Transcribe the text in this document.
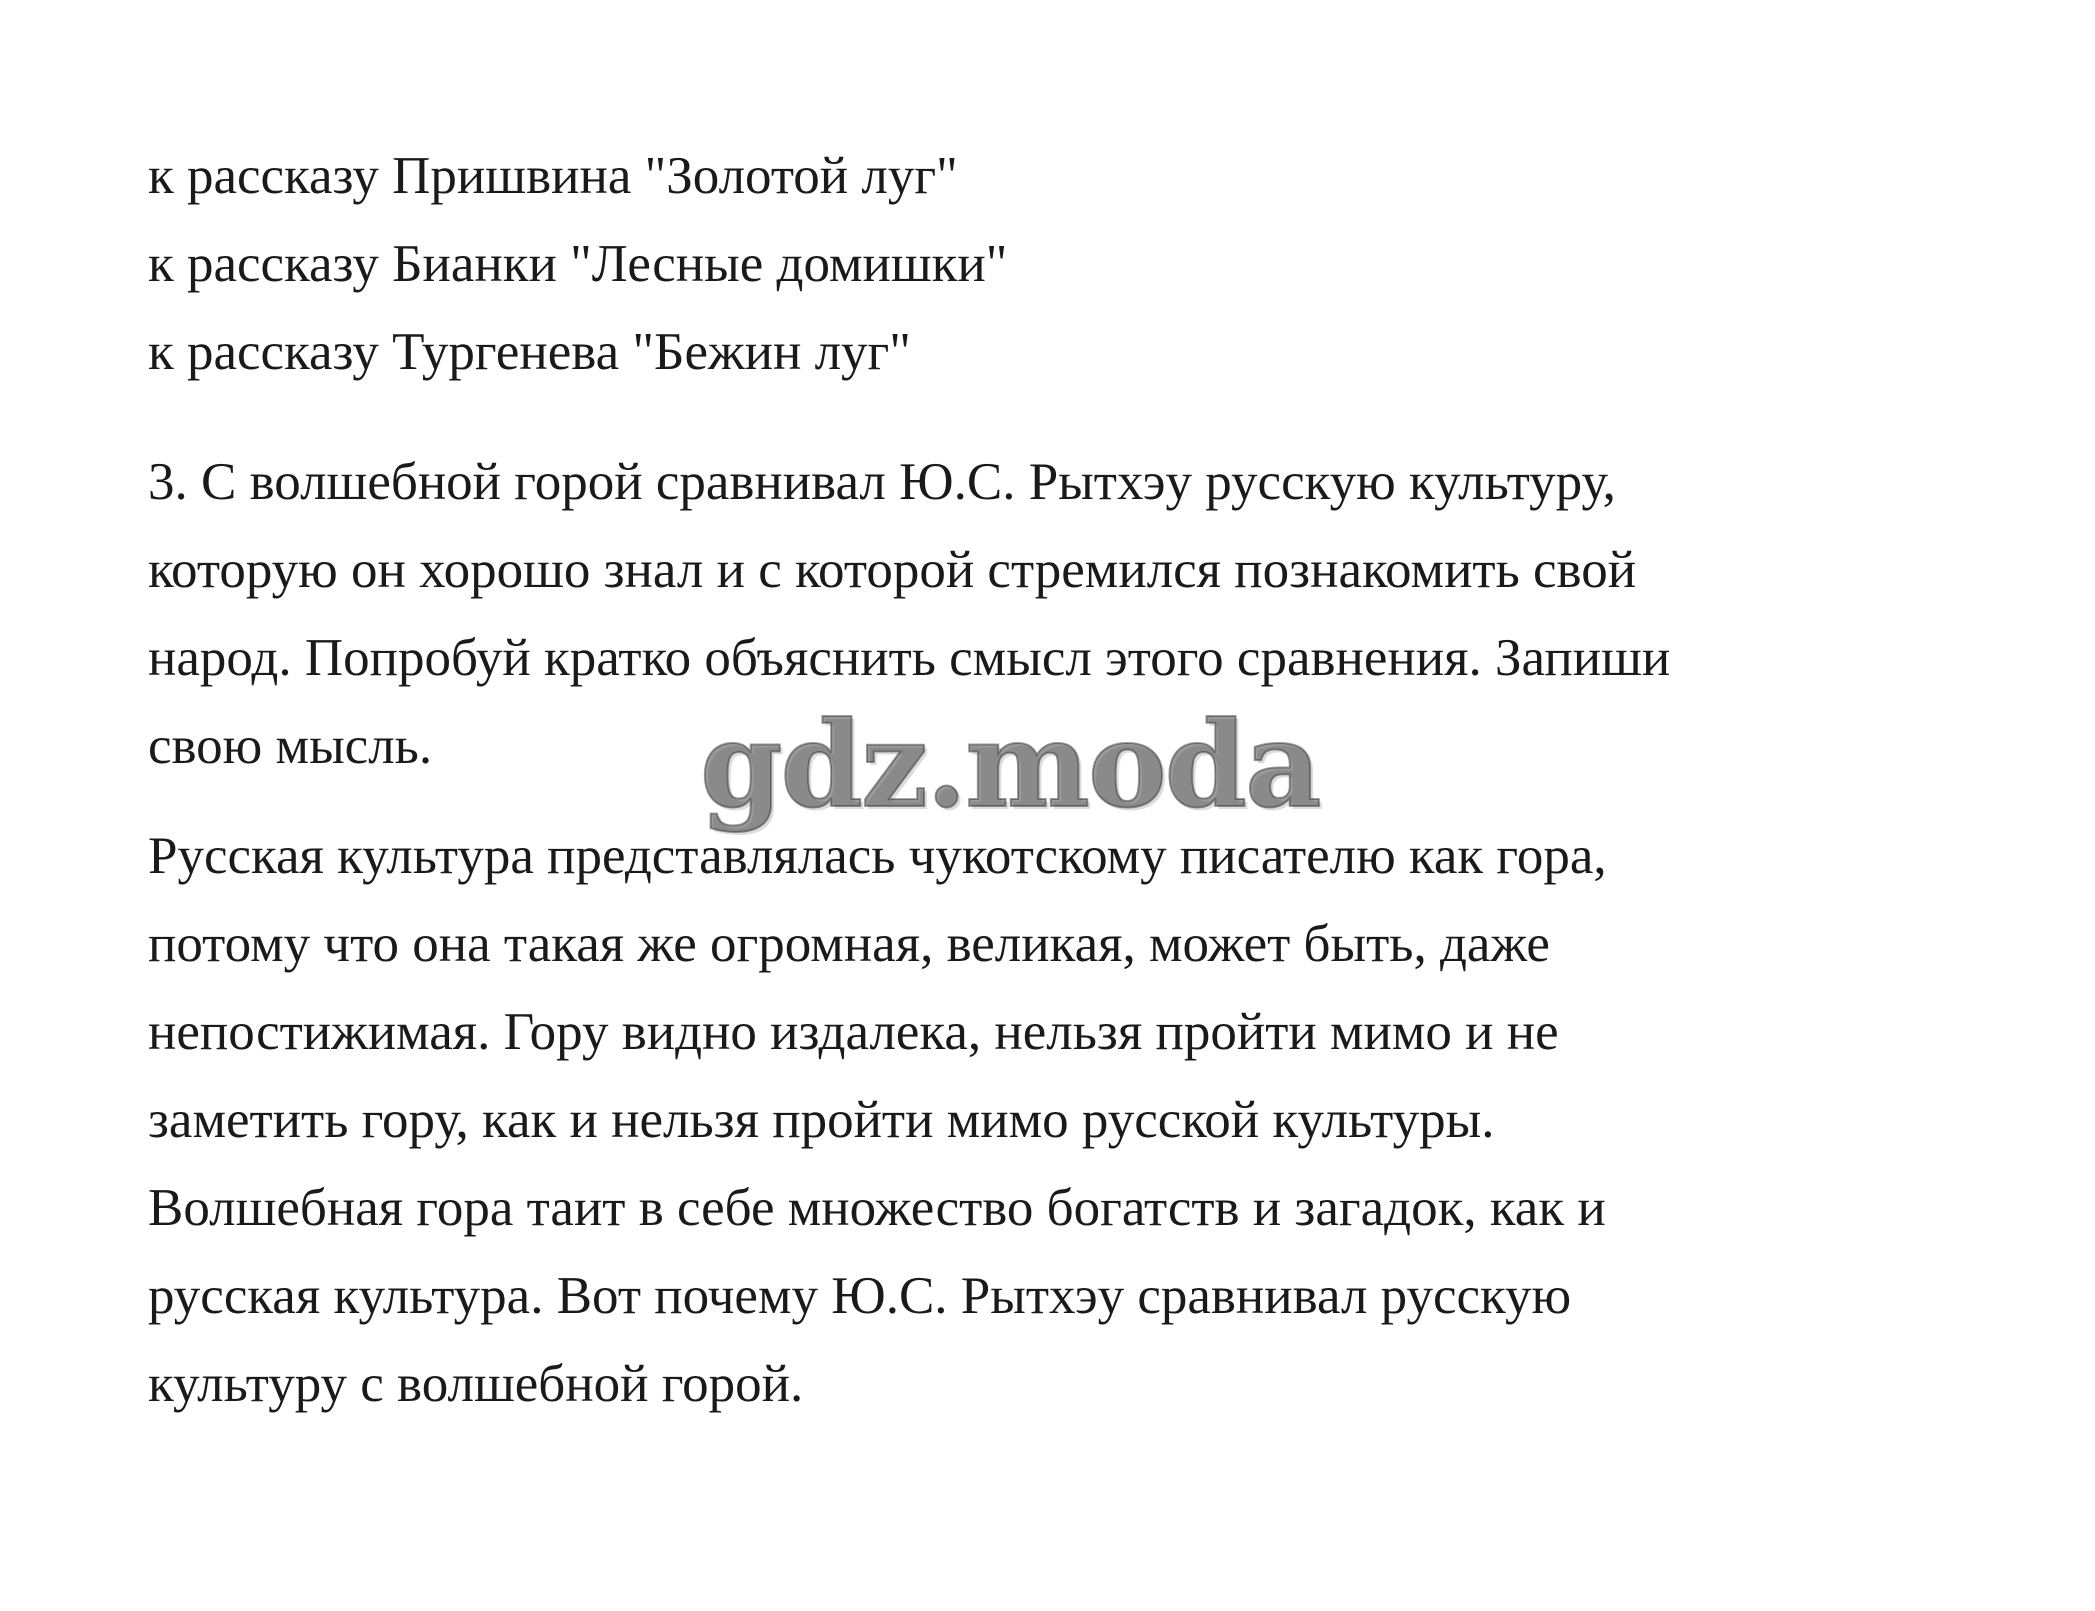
к рассказу Пришвина "Золотой луг"
к рассказу Бианки "Лесные домишки"
к рассказу Тургенева "Бежин луг"
3. С волшебной горой сравнивал Ю.С. Рытхэу русскую культуру,
которую он хорошо знал и с которой стремился познакомить свой
народ. Попробуй кратко объяснить смысл этого сравнения. Запиши
свою мысль.
Русская культура представлялась чукотскому писателю как гора,
потому что она такая же огромная, великая, может быть, даже
непостижимая. Гору видно издалека, нельзя пройти мимо и не
заметить гору, как и нельзя пройти мимо русской культуры.
Волшебная гора таит в себе множество богатств и загадок, как и
русская культура. Вот почему Ю.С. Рытхэу сравнивал русскую
культуру с волшебной горой.
gdz.moda
